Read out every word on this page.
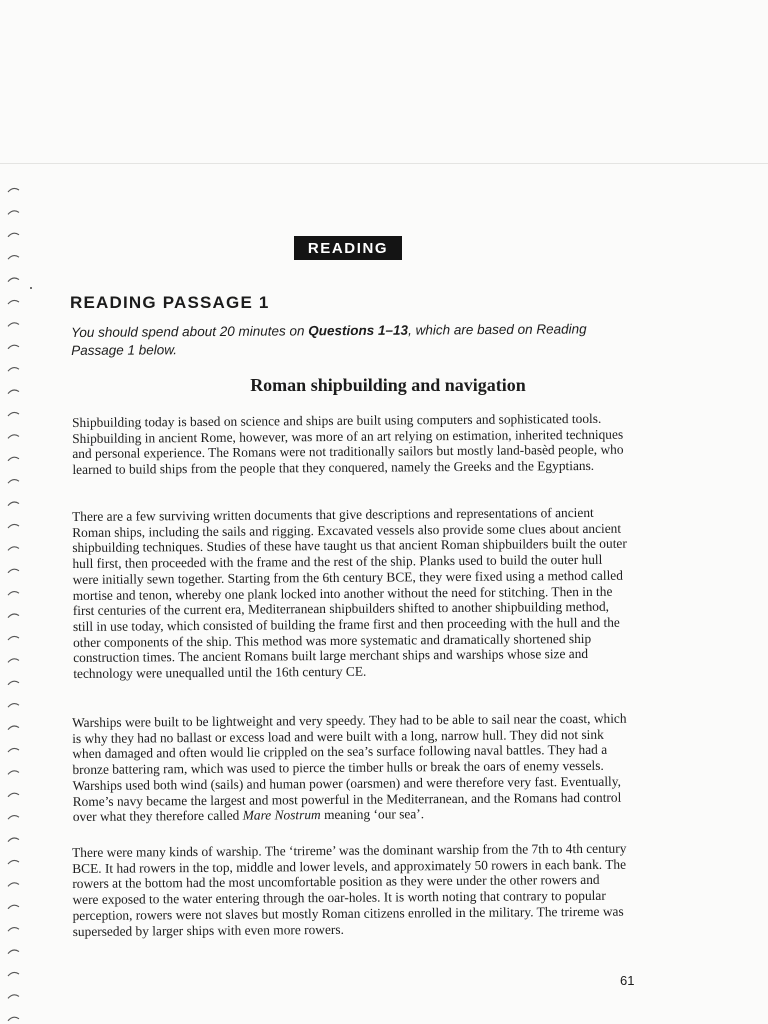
READING
READING PASSAGE 1

You should spend about 20 minutes on Questions 1–13, which are based on Reading Passage 1 below.

Roman shipbuilding and navigation

Shipbuilding today is based on science and ships are built using computers and sophisticated tools. Shipbuilding in ancient Rome, however, was more of an art relying on estimation, inherited techniques and personal experience. The Romans were not traditionally sailors but mostly land-basèd people, who learned to build ships from the people that they conquered, namely the Greeks and the Egyptians.

There are a few surviving written documents that give descriptions and representations of ancient Roman ships, including the sails and rigging. Excavated vessels also provide some clues about ancient shipbuilding techniques. Studies of these have taught us that ancient Roman shipbuilders built the outer hull first, then proceeded with the frame and the rest of the ship. Planks used to build the outer hull were initially sewn together. Starting from the 6th century BCE, they were fixed using a method called mortise and tenon, whereby one plank locked into another without the need for stitching. Then in the first centuries of the current era, Mediterranean shipbuilders shifted to another shipbuilding method, still in use today, which consisted of building the frame first and then proceeding with the hull and the other components of the ship. This method was more systematic and dramatically shortened ship construction times. The ancient Romans built large merchant ships and warships whose size and technology were unequalled until the 16th century CE.

Warships were built to be lightweight and very speedy. They had to be able to sail near the coast, which is why they had no ballast or excess load and were built with a long, narrow hull. They did not sink when damaged and often would lie crippled on the sea’s surface following naval battles. They had a bronze battering ram, which was used to pierce the timber hulls or break the oars of enemy vessels. Warships used both wind (sails) and human power (oarsmen) and were therefore very fast. Eventually, Rome’s navy became the largest and most powerful in the Mediterranean, and the Romans had control over what they therefore called Mare Nostrum meaning ‘our sea’.

There were many kinds of warship. The ‘trireme’ was the dominant warship from the 7th to 4th century BCE. It had rowers in the top, middle and lower levels, and approximately 50 rowers in each bank. The rowers at the bottom had the most uncomfortable position as they were under the other rowers and were exposed to the water entering through the oar-holes. It is worth noting that contrary to popular perception, rowers were not slaves but mostly Roman citizens enrolled in the military. The trireme was superseded by larger ships with even more rowers.

61
